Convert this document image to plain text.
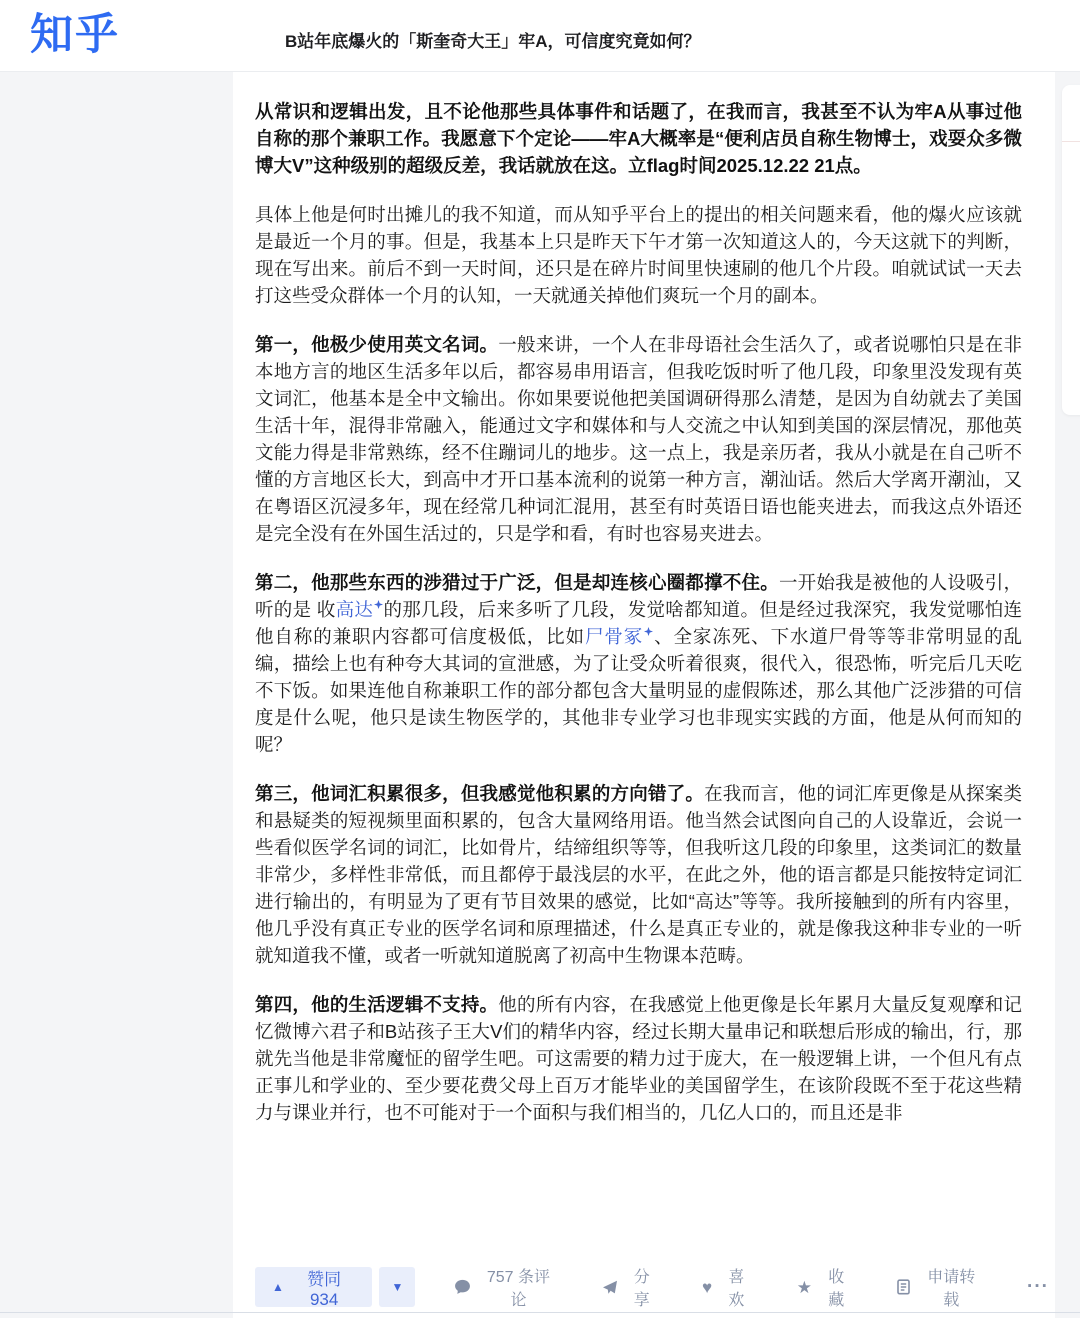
知乎	B站年底爆火的「斯奎奇大王」牢A，可信度究竟如何？

从常识和逻辑出发，且不论他那些具体事件和话题了，在我而言，我甚至不认为牢A从事过他自称的那个兼职工作。我愿意下个定论——牢A大概率是“便利店员自称生物博士，戏耍众多微博大V”这种级别的超级反差，我话就放在这。立flag时间2025.12.22 21点。

具体上他是何时出摊儿的我不知道，而从知乎平台上的提出的相关问题来看，他的爆火应该就是最近一个月的事。但是，我基本上只是昨天下午才第一次知道这人的，今天这就下的判断，现在写出来。前后不到一天时间，还只是在碎片时间里快速刷的他几个片段。咱就试试一天去打这些受众群体一个月的认知，一天就通关掉他们爽玩一个月的副本。

第一，他极少使用英文名词。一般来讲，一个人在非母语社会生活久了，或者说哪怕只是在非本地方言的地区生活多年以后，都容易串用语言，但我吃饭时听了他几段，印象里没发现有英文词汇，他基本是全中文输出。你如果要说他把美国调研得那么清楚，是因为自幼就去了美国生活十年，混得非常融入，能通过文字和媒体和与人交流之中认知到美国的深层情况，那他英文能力得是非常熟练，经不住蹦词儿的地步。这一点上，我是亲历者，我从小就是在自己听不懂的方言地区长大，到高中才开口基本流利的说第一种方言，潮汕话。然后大学离开潮汕，又在粤语区沉浸多年，现在经常几种词汇混用，甚至有时英语日语也能夹进去，而我这点外语还是完全没有在外国生活过的，只是学和看，有时也容易夹进去。

第二，他那些东西的涉猎过于广泛，但是却连核心圈都撑不住。一开始我是被他的人设吸引，听的是 收高达 的那几段，后来多听了几段，发觉啥都知道。但是经过我深究，我发觉哪怕连他自称的兼职内容都可信度极低，比如尸骨冢 、全家冻死、下水道尸骨等等非常明显的乱编，描绘上也有种夸大其词的宣泄感，为了让受众听着很爽，很代入，很恐怖，听完后几天吃不下饭。如果连他自称兼职工作的部分都包含大量明显的虚假陈述，那么其他广泛涉猎的可信度是什么呢，他只是读生物医学的，其他非专业学习也非现实实践的方面，他是从何而知的呢？

第三，他词汇积累很多，但我感觉他积累的方向错了。在我而言，他的词汇库更像是从探案类和悬疑类的短视频里面积累的，包含大量网络用语。他当然会试图向自己的人设靠近，会说一些看似医学名词的词汇，比如骨片，结缔组织等等，但我听这几段的印象里，这类词汇的数量非常少，多样性非常低，而且都停于最浅层的水平，在此之外，他的语言都是只能按特定词汇进行输出的，有明显为了更有节目效果的感觉，比如“高达”等等。我所接触到的所有内容里，他几乎没有真正专业的医学名词和原理描述，什么是真正专业的，就是像我这种非专业的一听就知道我不懂，或者一听就知道脱离了初高中生物课本范畴。

第四，他的生活逻辑不支持。他的所有内容，在我感觉上他更像是长年累月大量反复观摩和记忆微博六君子和B站孩子王大V们的精华内容，经过长期大量串记和联想后形成的输出，行，那就先当他是非常魔怔的留学生吧。可这需要的精力过于庞大，在一般逻辑上讲，一个但凡有点正事儿和学业的、至少要花费父母上百万才能毕业的美国留学生，在该阶段既不至于花这些精力与课业并行，也不可能对于一个面积与我们相当的，几亿人口的，而且还是非

▲	赞同 934
▼
757 条评论
分享
♥	喜欢
★	收藏
申请转载
···
